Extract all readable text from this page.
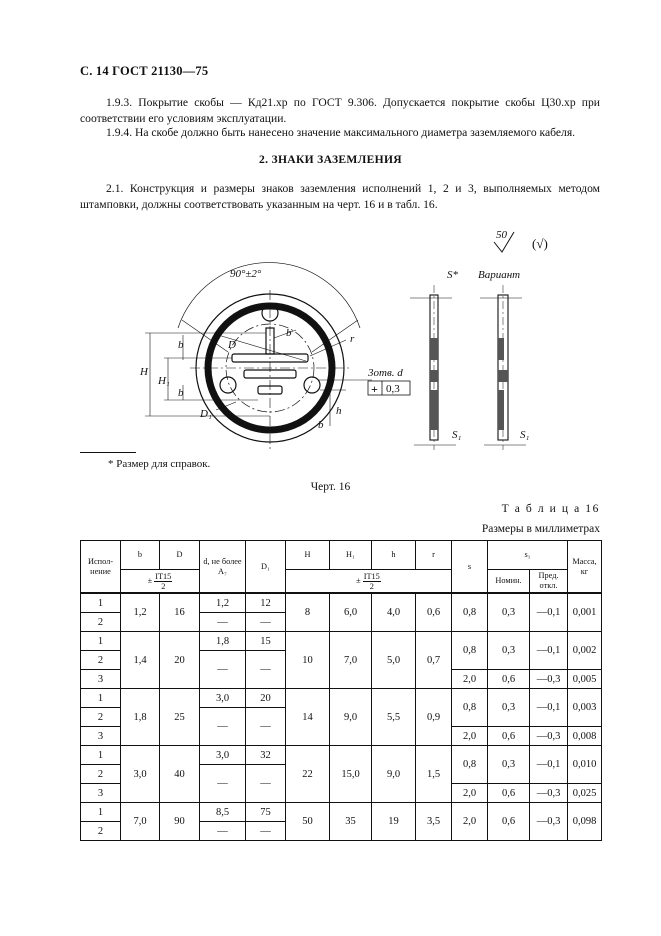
С. 14 ГОСТ 21130—75
1.9.3. Покрытие скобы — Кд21.хр по ГОСТ 9.306. Допускается покрытие скобы Ц30.хр при соответствии его условиям эксплуатации.
1.9.4. На скобе должно быть нанесено значение максимального диаметра заземляемого кабеля.
2. ЗНАКИ ЗАЗЕМЛЕНИЯ
2.1. Конструкция и размеры знаков заземления исполнений 1, 2 и 3, выполняемых методом штамповки, должны соответствовать указанным на черт. 16 и в табл. 16.
90°±2°
D
b
b
b
H
H₁
r
h
b
D₁
3отв. d
+ 0,3
50
(√)
S* Вариант
S₁	S₁
* Размер для справок.
Черт. 16
Т а б л и ц а 16
Размеры в миллиметрах
Испол-нение	b	D	d, не более A₇	D₁	H	H₁	h	r	s	s₁		Масса, кг
	± $\frac{IT15}{2}$				± $\frac{IT15}{2}$					Номин.	Пред. откл.	
1	1,2	16	1,2	12	8	6,0	4,0	0,6	0,8	0,3	—0,1	0,001
2			—	—								
1	1,4	20	1,8	15	10	7,0	5,0	0,7	0,8	0,3	—0,1	0,002
2			—	—								
3									2,0	0,6	—0,3	0,005
1	1,8	25	3,0	20	14	9,0	5,5	0,9	0,8	0,3	—0,1	0,003
2			—	—								
3									2,0	0,6	—0,3	0,008
1	3,0	40	3,0	32	22	15,0	9,0	1,5	0,8	0,3	—0,1	0,010
2			—	—								
3									2,0	0,6	—0,3	0,025
1	7,0	90	8,5	75	50	35	19	3,5	2,0	0,6	—0,3	0,098
2			—	—								
